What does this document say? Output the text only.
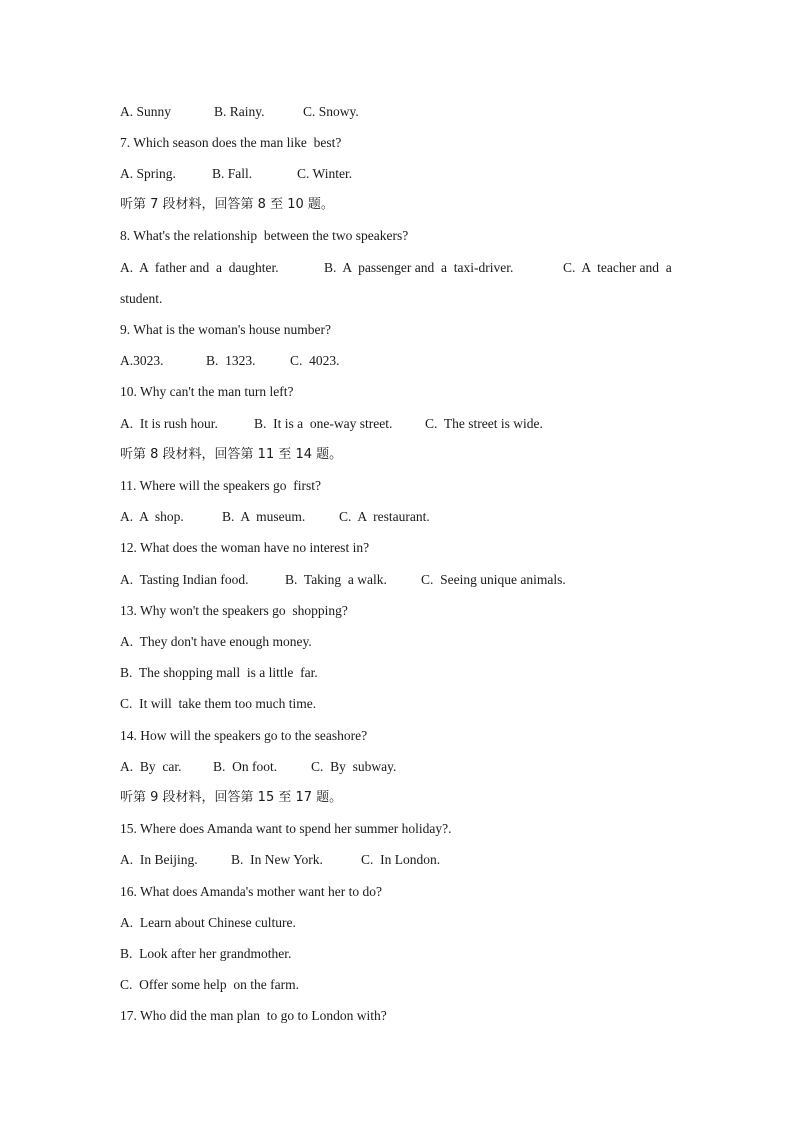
A. Sunny	B. Rainy.	C. Snowy.
7. Which season does the man like  best?
A. Spring.	B. Fall.	C. Winter.
听第 7 段材料，回答第 8 至 10 题。
8. What's the relationship  between the two speakers?
A.  A  father and  a  daughter.	B.  A  passenger and  a  taxi-driver.	C.  A  teacher and  a
student.
9. What is the woman's house number?
A.3023.	B.  1323.	C.  4023.
10. Why can't the man turn left?
A.  It is rush hour.	B.  It is a  one-way street. C.  The street is wide.
听第 8 段材料，回答第 11 至 14 题。
11. Where will the speakers go  first?
A.  A  shop.	B.  A  museum. C.  A  restaurant.
12. What does the woman have no interest in?
A.  Tasting Indian food.	B.  Taking  a walk.	C.  Seeing unique animals.
13. Why won't the speakers go  shopping?
A.  They don't have enough money.
B.  The shopping mall  is a little  far.
C.  It will  take them too much time.
14. How will the speakers go to the seashore?
A.  By  car. B.  On foot.	C.  By  subway.
听第 9 段材料，回答第 15 至 17 题。
15. Where does Amanda want to spend her summer holiday?.
A.  In Beijing. B.  In New York.	C.  In London.
16. What does Amanda's mother want her to do?
A.  Learn about Chinese culture.
B.  Look after her grandmother.
C.  Offer some help  on the farm.
17. Who did the man plan  to go to London with?
